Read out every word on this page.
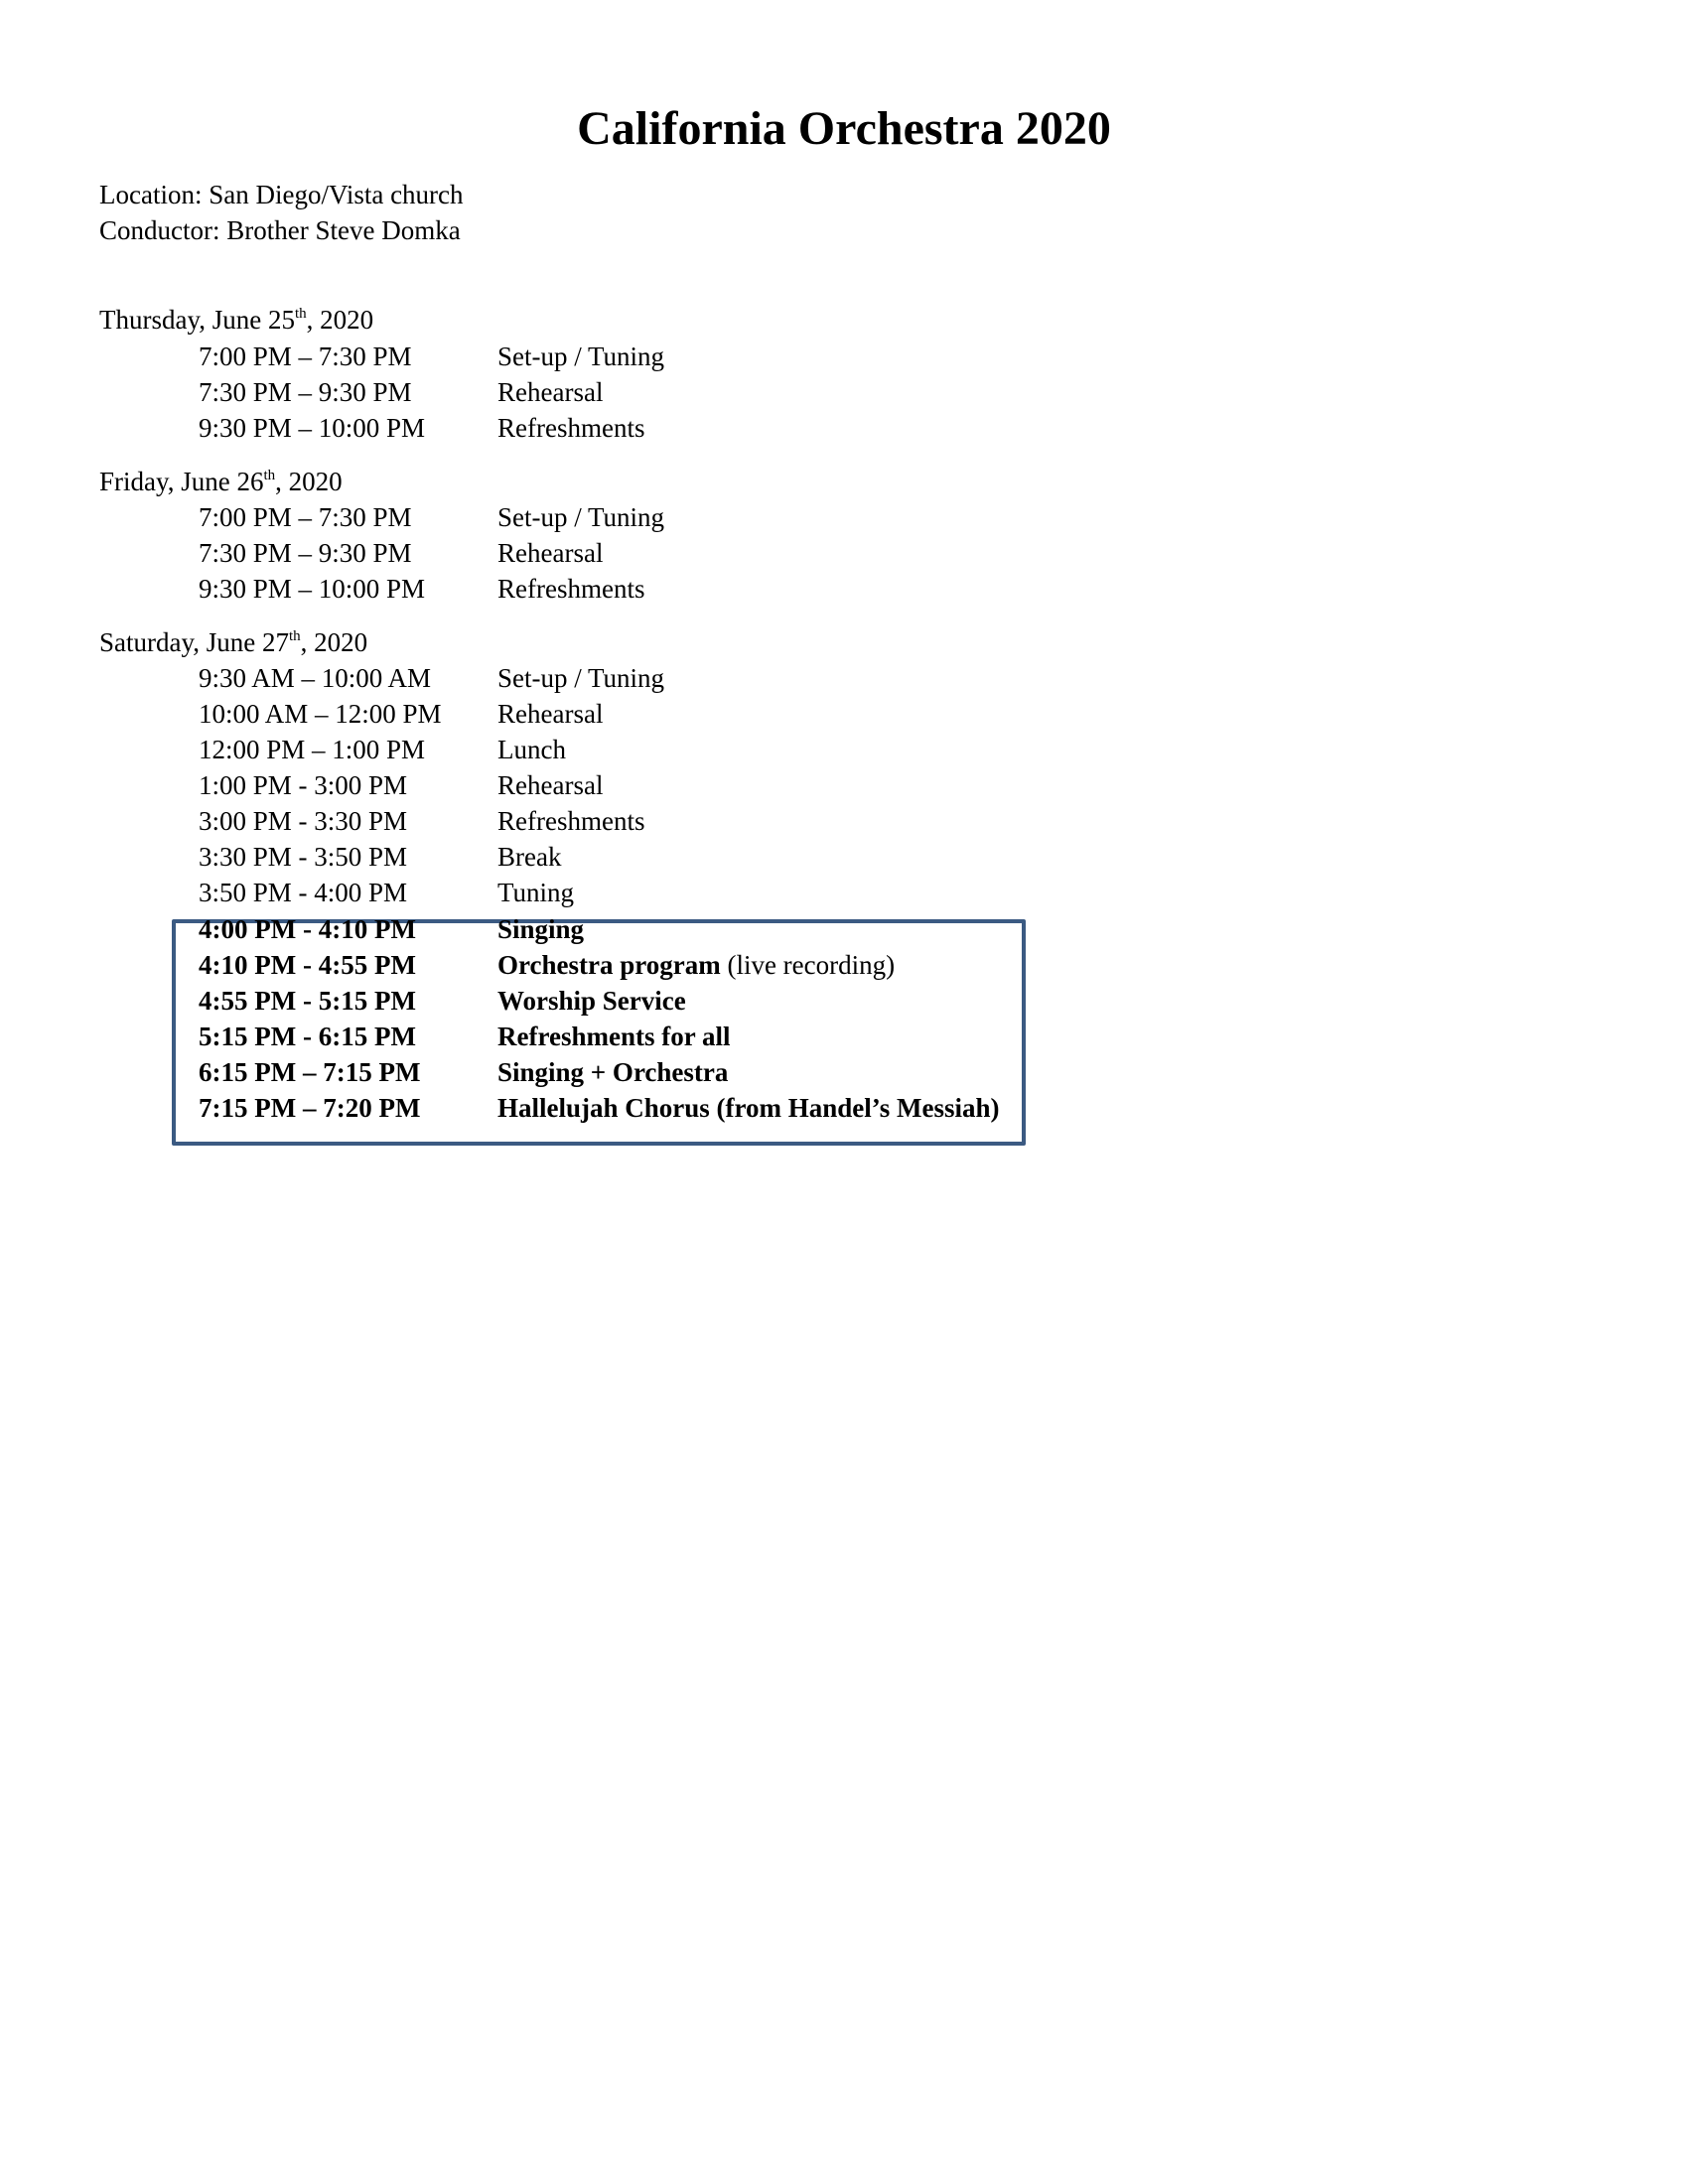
California Orchestra 2020
Location: San Diego/Vista church
Conductor: Brother Steve Domka
Thursday, June 25th, 2020
7:00 PM – 7:30 PM	Set-up / Tuning
7:30 PM – 9:30 PM	Rehearsal
9:30 PM – 10:00 PM	Refreshments
Friday, June 26th, 2020
7:00 PM – 7:30 PM	Set-up / Tuning
7:30 PM – 9:30 PM	Rehearsal
9:30 PM – 10:00 PM	Refreshments
Saturday, June 27th, 2020
9:30 AM – 10:00 AM Set-up / Tuning
10:00 AM – 12:00 PM Rehearsal
12:00 PM – 1:00 PM	Lunch
1:00 PM - 3:00 PM	Rehearsal
3:00 PM - 3:30 PM	Refreshments
3:30 PM - 3:50 PM	Break
3:50 PM - 4:00 PM	Tuning
4:00 PM - 4:10 PM	Singing
4:10 PM - 4:55 PM	Orchestra program (live recording)
4:55 PM - 5:15 PM	Worship Service
5:15 PM - 6:15 PM	Refreshments for all
6:15 PM – 7:15 PM	Singing + Orchestra
7:15 PM – 7:20 PM	Hallelujah Chorus (from Handel’s Messiah)
